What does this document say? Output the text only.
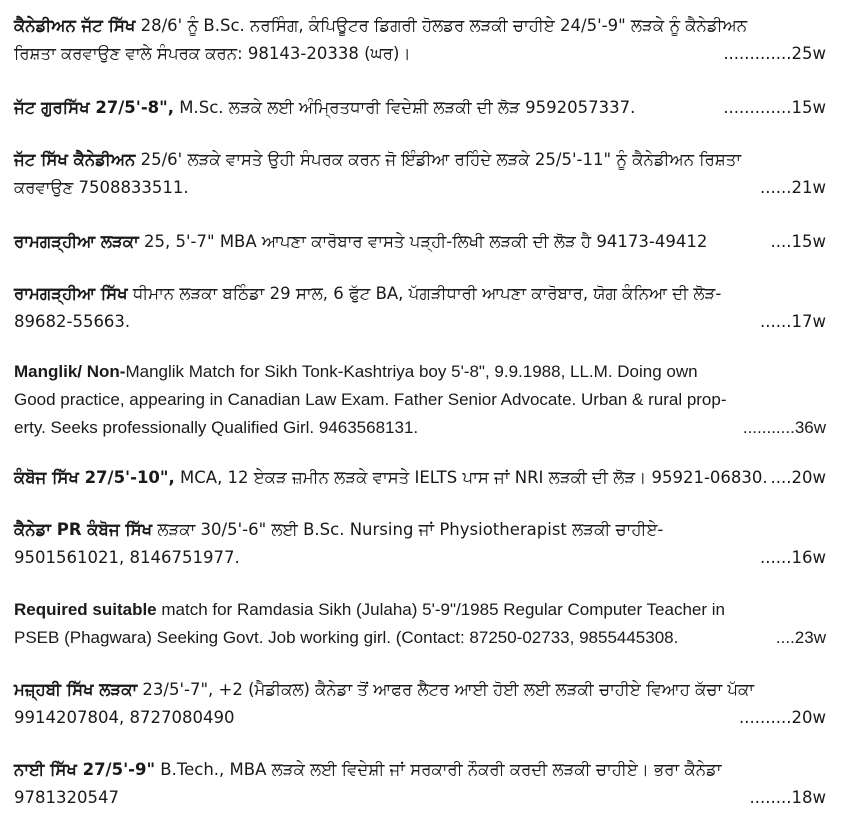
ਕੈਨੇਡੀਅਨ ਜੱਟ ਸਿੱਖ 28/6' ਨੂੰ B.Sc. ਨਰਸਿੰਗ, ਕੰਪਿਊਟਰ ਡਿਗਰੀ ਹੋਲਡਰ ਲੜਕੀ ਚਾਹੀਏ 24/5'-9" ਲੜਕੇ ਨੂੰ ਕੈਨੇਡੀਅਨ
ਰਿਸ਼ਤਾ ਕਰਵਾਉਣ ਵਾਲੇ ਸੰਪਰਕ ਕਰਨ: 98143-20338 (ਘਰ)।	.............25w
ਜੱਟ ਗੁਰਸਿੱਖ 27/5'-8", M.Sc. ਲੜਕੇ ਲਈ ਅੰਮ੍ਰਿਤਧਾਰੀ ਵਿਦੇਸ਼ੀ ਲੜਕੀ ਦੀ ਲੋੜ 9592057337.	.............15w
ਜੱਟ ਸਿੱਖ ਕੈਨੇਡੀਅਨ 25/6' ਲੜਕੇ ਵਾਸਤੇ ਉਹੀ ਸੰਪਰਕ ਕਰਨ ਜੋ ਇੰਡੀਆ ਰਹਿੰਦੇ ਲੜਕੇ 25/5'-11" ਨੂੰ ਕੈਨੇਡੀਅਨ ਰਿਸ਼ਤਾ
ਕਰਵਾਉਣ 7508833511.	......21w
ਰਾਮਗੜ੍ਹੀਆ ਲੜਕਾ 25, 5'-7" MBA ਆਪਣਾ ਕਾਰੋਬਾਰ ਵਾਸਤੇ ਪੜ੍ਹੀ-ਲਿਖੀ ਲੜਕੀ ਦੀ ਲੋੜ ਹੈ 94173-49412	....15w
ਰਾਮਗੜ੍ਹੀਆ ਸਿੱਖ ਧੀਮਾਨ ਲੜਕਾ ਬਠਿੰਡਾ 29 ਸਾਲ, 6 ਫੁੱਟ BA, ਪੱਗੜੀਧਾਰੀ ਆਪਣਾ ਕਾਰੋਬਾਰ, ਯੋਗ ਕੰਨਿਆ ਦੀ ਲੋੜ-
89682-55663.	......17w
Manglik/ Non-Manglik Match for Sikh Tonk-Kashtriya boy 5'-8", 9.9.1988, LL.M. Doing own
Good practice, appearing in Canadian Law Exam. Father Senior Advocate. Urban & rural prop-
erty. Seeks professionally Qualified Girl. 9463568131.	...........36w
ਕੰਬੋਜ ਸਿੱਖ 27/5'-10", MCA, 12 ਏਕੜ ਜ਼ਮੀਨ ਲੜਕੇ ਵਾਸਤੇ IELTS ਪਾਸ ਜਾਂ NRI ਲੜਕੀ ਦੀ ਲੋੜ। 95921-06830. ....20w
ਕੈਨੇਡਾ PR ਕੰਬੋਜ ਸਿੱਖ ਲੜਕਾ 30/5'-6" ਲਈ B.Sc. Nursing ਜਾਂ Physiotherapist ਲੜਕੀ ਚਾਹੀਏ-
9501561021, 8146751977.	......16w
Required suitable match for Ramdasia Sikh (Julaha) 5'-9"/1985 Regular Computer Teacher in
PSEB (Phagwara) Seeking Govt. Job working girl. (Contact: 87250-02733, 9855445308.	....23w
ਮਜ਼੍ਹਬੀ ਸਿੱਖ ਲੜਕਾ 23/5'-7", +2 (ਮੈਡੀਕਲ) ਕੈਨੇਡਾ ਤੋਂ ਆਫਰ ਲੈਟਰ ਆਈ ਹੋਈ ਲਈ ਲੜਕੀ ਚਾਹੀਏ ਵਿਆਹ ਕੱਚਾ ਪੱਕਾ
9914207804, 8727080490	..........20w
ਨਾਈ ਸਿੱਖ 27/5'-9" B.Tech., MBA ਲੜਕੇ ਲਈ ਵਿਦੇਸ਼ੀ ਜਾਂ ਸਰਕਾਰੀ ਨੌਕਰੀ ਕਰਦੀ ਲੜਕੀ ਚਾਹੀਏ। ਭਰਾ ਕੈਨੇਡਾ
9781320547	........18w
